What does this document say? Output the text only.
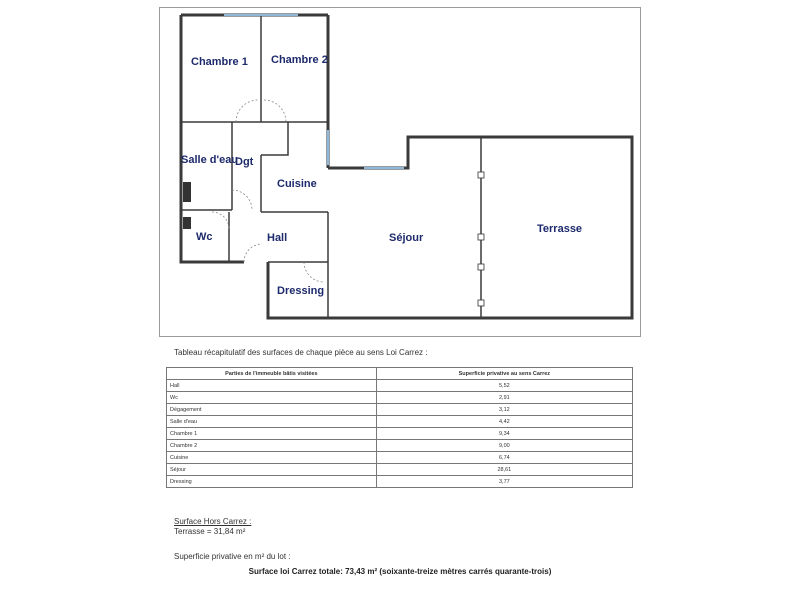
Chambre 1 Chambre 2
Salle d'eau
Dgt
Cuisine
Wc	Hall
Dressing
Séjour
Terrasse
Tableau récapitulatif des surfaces de chaque pièce au sens Loi Carrez :
Parties de l'immeuble bâtis visitées	Superficie privative au sens Carrez
Hall	5,52
Wc	2,91
Dégagement	3,12
Salle d'eau	4,42
Chambre 1	9,34
Chambre 2	9,00
Cuisine	6,74
Séjour	28,61
Dressing	3,77
Surface Hors Carrez :
Terrasse = 31,84 m²
Superficie privative en m² du lot :
Surface loi Carrez totale: 73,43 m² (soixante-treize mètres carrés quarante-trois)
